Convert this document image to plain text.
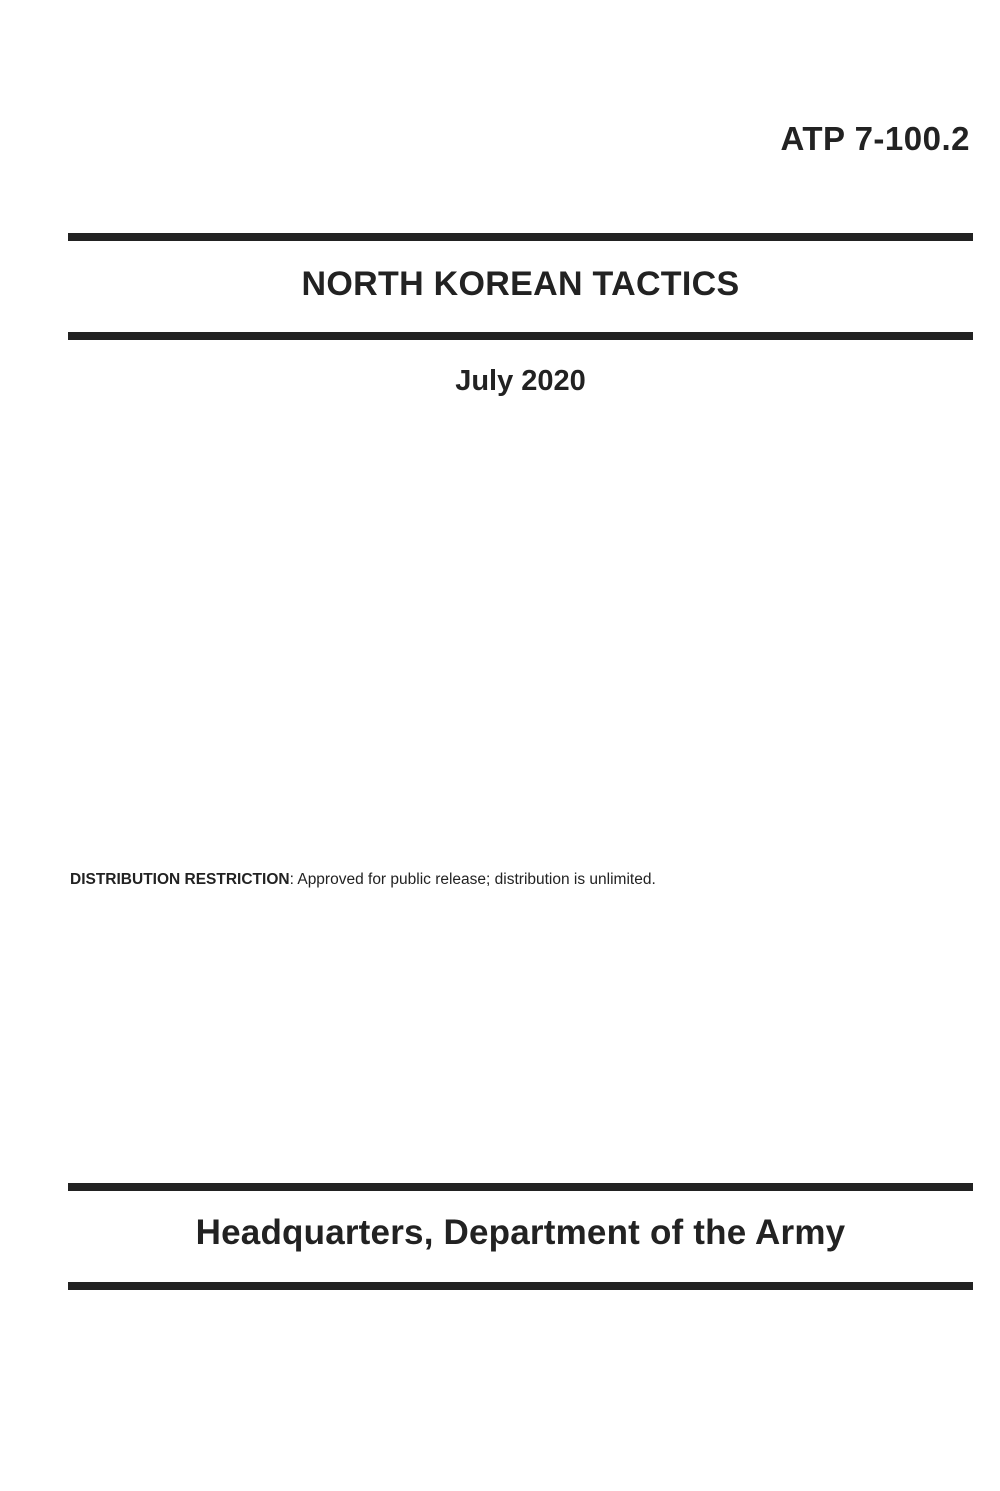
ATP 7-100.2
NORTH KOREAN TACTICS
July 2020
DISTRIBUTION RESTRICTION: Approved for public release; distribution is unlimited.
Headquarters, Department of the Army
